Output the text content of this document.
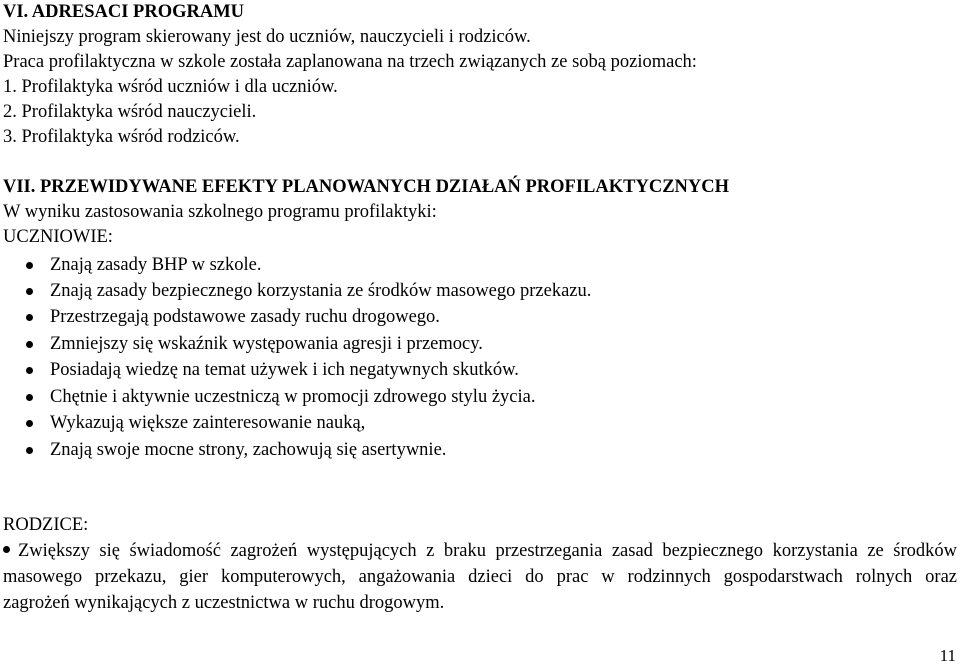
VI. ADRESACI PROGRAMU
Niniejszy program skierowany jest do uczniów, nauczycieli i rodziców.
Praca profilaktyczna w szkole została zaplanowana na trzech związanych ze sobą poziomach:
1. Profilaktyka wśród uczniów i dla uczniów.
2. Profilaktyka wśród nauczycieli.
3. Profilaktyka wśród rodziców.
VII. PRZEWIDYWANE EFEKTY PLANOWANYCH DZIAŁAŃ PROFILAKTYCZNYCH
W wyniku zastosowania szkolnego programu profilaktyki:
UCZNIOWIE:
Znają zasady BHP w szkole.
Znają zasady bezpiecznego korzystania ze środków masowego przekazu.
Przestrzegają podstawowe zasady ruchu drogowego.
Zmniejszy się wskaźnik występowania agresji i przemocy.
Posiadają wiedzę na temat używek i ich negatywnych skutków.
Chętnie i aktywnie uczestniczą w promocji zdrowego stylu życia.
Wykazują większe zainteresowanie nauką,
Znają swoje mocne strony, zachowują się asertywnie.
RODZICE:
Zwiększy się świadomość zagrożeń występujących z braku przestrzegania zasad bezpiecznego korzystania ze środków
masowego przekazu, gier komputerowych, angażowania dzieci do prac w rodzinnych gospodarstwach rolnych oraz
zagrożeń wynikających z uczestnictwa w ruchu drogowym.
11
